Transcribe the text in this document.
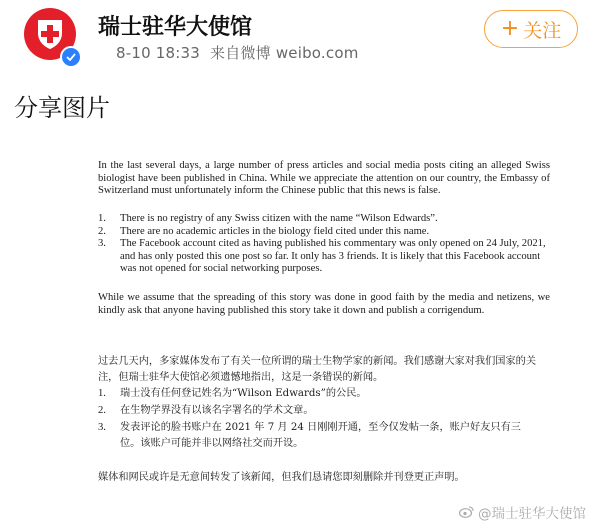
瑞士驻华大使馆
8-10 18:33 来自微博 weibo.com
+ 关注
分享图片

In the last several days, a large number of press articles and social media posts citing an alleged Swiss biologist have been published in China. While we appreciate the attention on our country, the Embassy of Switzerland must unfortunately inform the Chinese public that this news is false.

1.	There is no registry of any Swiss citizen with the name “Wilson Edwards”.
2.	There are no academic articles in the biology field cited under this name.
3.	The Facebook account cited as having published his commentary was only opened on 24 July, 2021, and has only posted this one post so far. It only has 3 friends. It is likely that this Facebook account was not opened for social networking purposes.

While we assume that the spreading of this story was done in good faith by the media and netizens, we kindly ask that anyone having published this story take it down and publish a corrigendum.

过去几天内，多家媒体发布了有关一位所谓的瑞士生物学家的新闻。我们感谢大家对我们国家的关注，但瑞士驻华大使馆必须遗憾地指出，这是一条错误的新闻。

1.	瑞士没有任何登记姓名为“Wilson Edwards”的公民。
2.	在生物学界没有以该名字署名的学术文章。
3.	发表评论的脸书账户在 2021 年 7 月 24 日刚刚开通，至今仅发帖一条，账户好友只有三位。该账户可能并非以网络社交而开设。

媒体和网民或许是无意间转发了该新闻，但我们恳请您即刻删除并刊登更正声明。

@瑞士驻华大使馆
